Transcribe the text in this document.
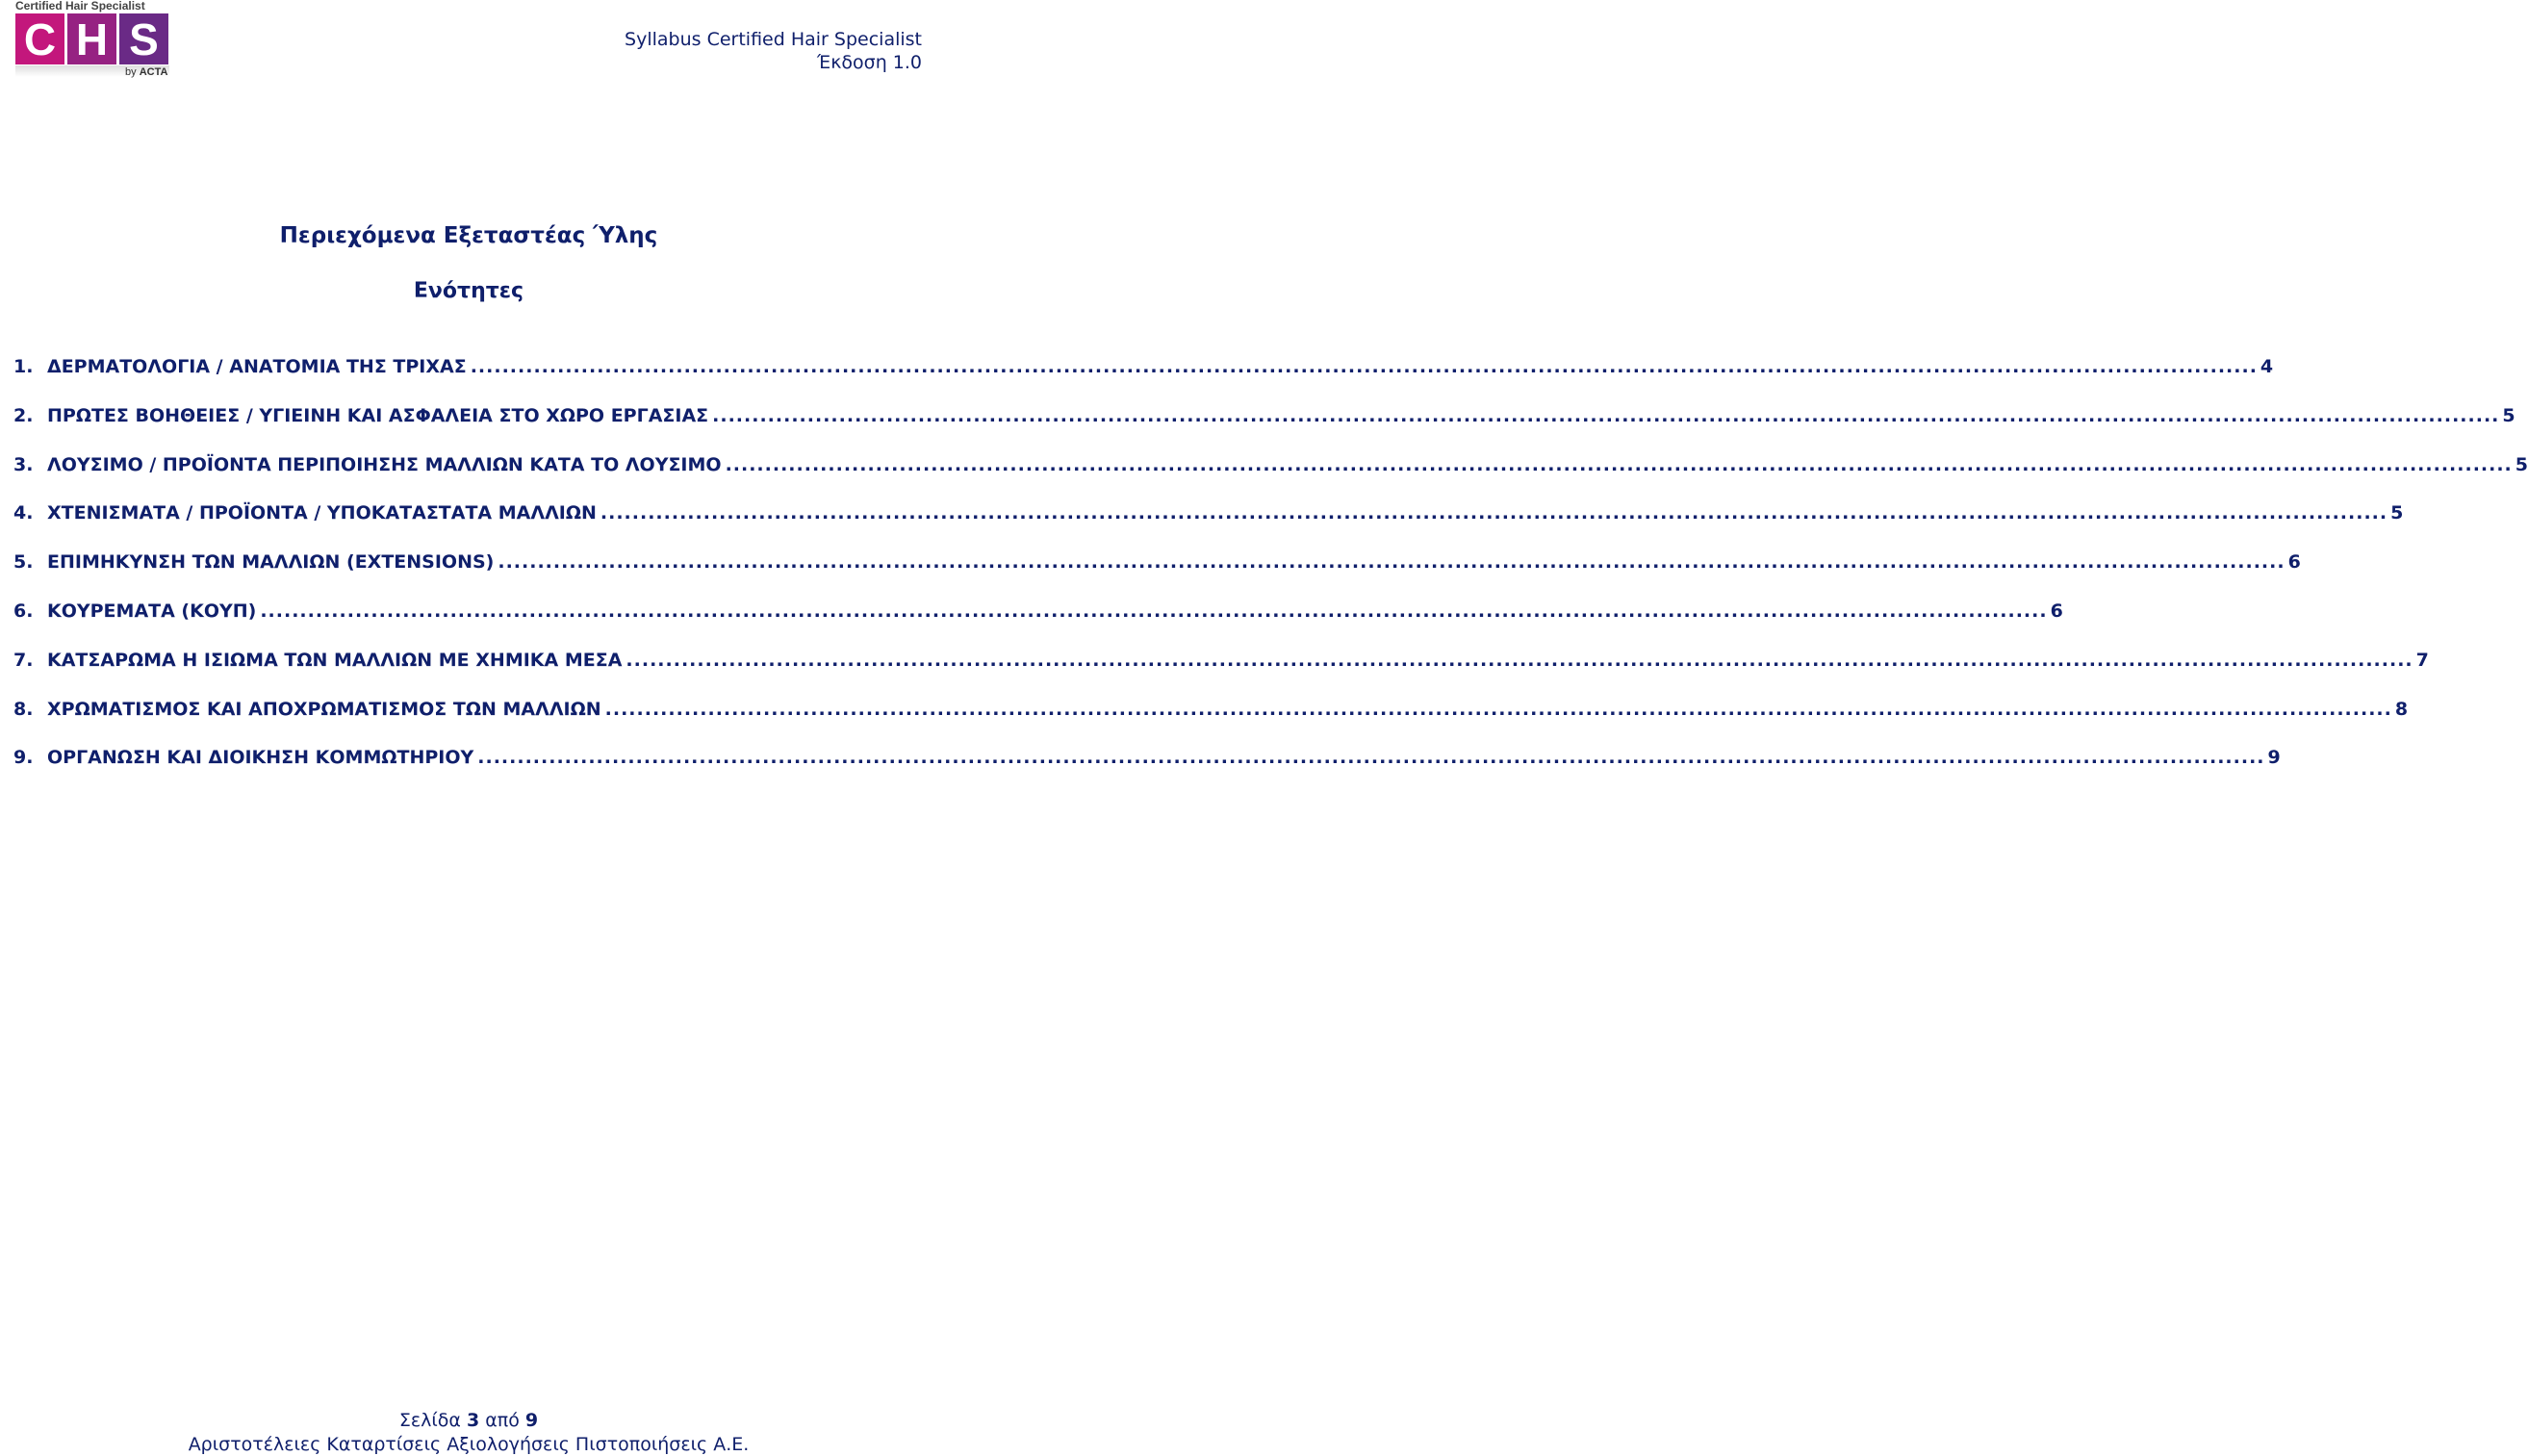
Certified Hair Specialist
C H S
by ACTA
Syllabus Certified Hair Specialist
Έκδοση 1.0
Περιεχόμενα Εξεταστέας Ύλης
Ενότητες
1. ΔΕΡΜΑΤΟΛΟΓΙΑ / ΑΝΑΤΟΜΙΑ ΤΗΣ ΤΡΙΧΑΣ .....	4
2. ΠΡΩΤΕΣ ΒΟΗΘΕΙΕΣ / ΥΓΙΕΙΝΗ ΚΑΙ ΑΣΦΑΛΕΙΑ ΣΤΟ ΧΩΡΟ ΕΡΓΑΣΙΑΣ .....	5
3. ΛΟΥΣΙΜΟ / ΠΡΟΪΟΝΤΑ ΠΕΡΙΠΟΙΗΣΗΣ ΜΑΛΛΙΩΝ ΚΑΤΑ ΤΟ ΛΟΥΣΙΜΟ .....	5
4. ΧΤΕΝΙΣΜΑΤΑ / ΠΡΟΪΟΝΤΑ / ΥΠΟΚΑΤΑΣΤΑΤΑ ΜΑΛΛΙΩΝ .....	5
5. ΕΠΙΜΗΚΥΝΣΗ ΤΩΝ ΜΑΛΛΙΩΝ (EXTENSIONS) .....	6
6. ΚΟΥΡΕΜΑΤΑ (ΚΟΥΠ) .....	6
7. ΚΑΤΣΑΡΩΜΑ Η ΙΣΙΩΜΑ ΤΩΝ ΜΑΛΛΙΩΝ ΜΕ ΧΗΜΙΚΑ ΜΕΣΑ .....	7
8. ΧΡΩΜΑΤΙΣΜΟΣ ΚΑΙ ΑΠΟΧΡΩΜΑΤΙΣΜΟΣ ΤΩΝ ΜΑΛΛΙΩΝ .....	8
9. ΟΡΓΑΝΩΣΗ ΚΑΙ ΔΙΟΙΚΗΣΗ ΚΟΜΜΩΤΗΡΙΟΥ .....	9
Σελίδα 3 από 9
Αριστοτέλειες Καταρτίσεις Αξιολογήσεις Πιστοποιήσεις Α.Ε.
